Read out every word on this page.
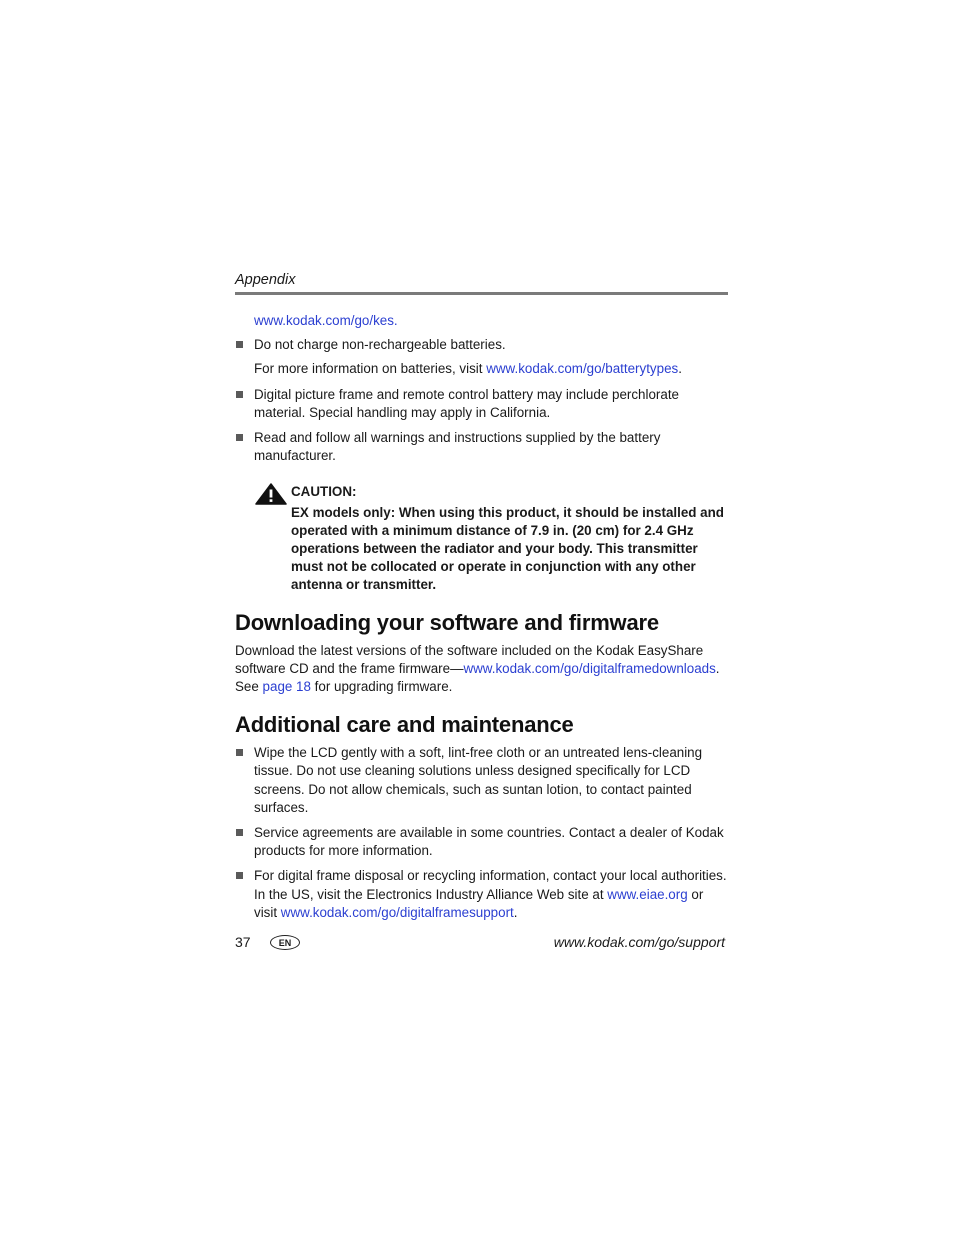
Appendix

www.kodak.com/go/kes.

Do not charge non-rechargeable batteries.

For more information on batteries, visit www.kodak.com/go/batterytypes.

Digital picture frame and remote control battery may include perchlorate material. Special handling may apply in California.

Read and follow all warnings and instructions supplied by the battery manufacturer.

CAUTION:

EX models only: When using this product, it should be installed and operated with a minimum distance of 7.9 in. (20 cm) for 2.4 GHz operations between the radiator and your body. This transmitter must not be collocated or operate in conjunction with any other antenna or transmitter.

Downloading your software and firmware

Download the latest versions of the software included on the Kodak EasyShare software CD and the frame firmware—www.kodak.com/go/digitalframedownloads.
See page 18 for upgrading firmware.

Additional care and maintenance

Wipe the LCD gently with a soft, lint-free cloth or an untreated lens-cleaning tissue. Do not use cleaning solutions unless designed specifically for LCD screens. Do not allow chemicals, such as suntan lotion, to contact painted surfaces.

Service agreements are available in some countries. Contact a dealer of Kodak products for more information.

For digital frame disposal or recycling information, contact your local authorities. In the US, visit the Electronics Industry Alliance Web site at www.eiae.org or visit www.kodak.com/go/digitalframesupport.

37	EN	www.kodak.com/go/support
